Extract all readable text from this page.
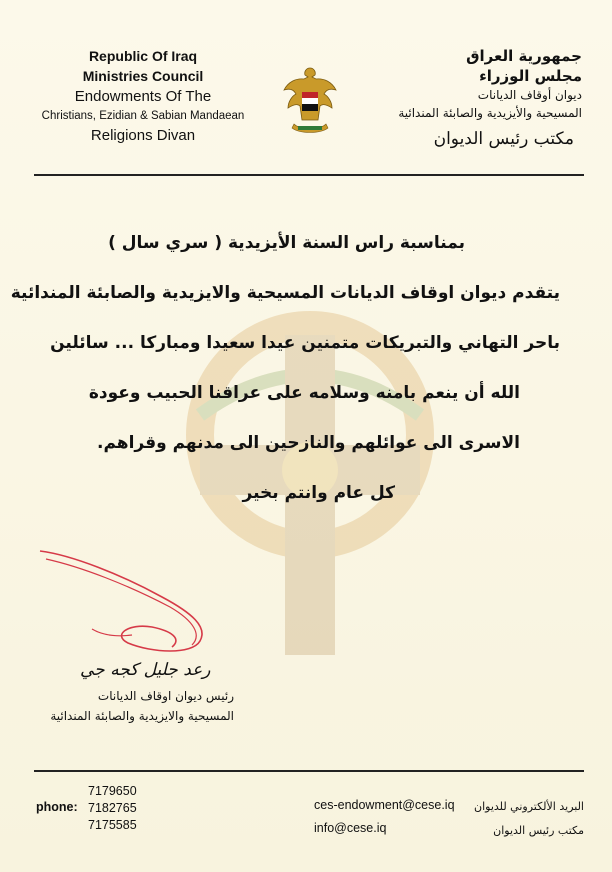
Republic Of Iraq
Ministries Council
Endowments Of The
Christians, Ezidian & Sabian Mandaean
Religions Divan
جمهورية العراق
مجلس الوزراء
ديوان أوقاف الديانات
المسيحية والأيزيدية والصابئة المندائية
مكتب رئيس الديوان
بمناسبة راس السنة الأيزيدية ( سري سال )
يتقدم ديوان اوقاف الديانات المسيحية والايزيدية والصابئة المندائية
باحر التهاني والتبريكات متمنين عيدا سعيدا ومباركا ... سائلين
الله أن ينعم بامنه وسلامه على عراقنا الحبيب وعودة
الاسرى الى عوائلهم والنازحين الى مدنهم وقراهم.
كل عام وانتم بخير
رعد جليل كجه جي
رئيس ديوان اوقاف الديانات
المسيحية والايزيدية والصابئة المندائية
phone:
7179650
7182765
7175585
ces-endowment@cese.iq
info@cese.iq
البريد الألكتروني للديوان
مكتب رئيس الديوان
